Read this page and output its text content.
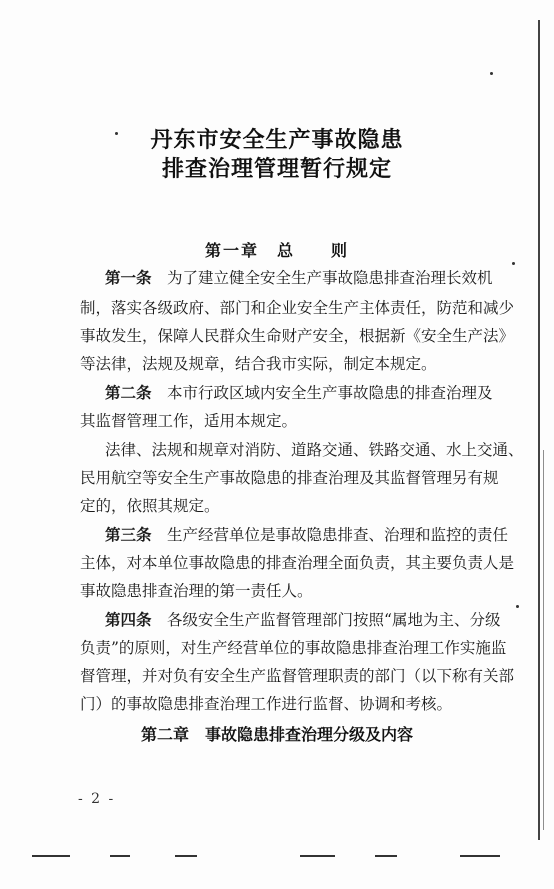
丹东市安全生产事故隐患
排查治理管理暂行规定
第一章　总　　则
第一条　 为了建立健全安全生产事故隐患排查治理长效机
制，落实各级政府、部门和企业安全生产主体责任，防范和减少
事故发生，保障人民群众生命财产安全，根据新《安全生产法》
等法律，法规及规章，结合我市实际，制定本规定。
第二条　 本市行政区域内安全生产事故隐患的排查治理及
其监督管理工作，适用本规定。
法律、法规和规章对消防、道路交通、铁路交通、水上交通、
民用航空等安全生产事故隐患的排查治理及其监督管理另有规
定的，依照其规定。
第三条　 生产经营单位是事故隐患排查、治理和监控的责任
主体，对本单位事故隐患的排查治理全面负责，其主要负责人是
事故隐患排查治理的第一责任人。
第四条　 各级安全生产监督管理部门按照“属地为主、分级
负责”的原则，对生产经营单位的事故隐患排查治理工作实施监
督管理，并对负有安全生产监督管理职责的部门（以下称有关部
门）的事故隐患排查治理工作进行监督、协调和考核。
第二章　事故隐患排查治理分级及内容
- 2 -
